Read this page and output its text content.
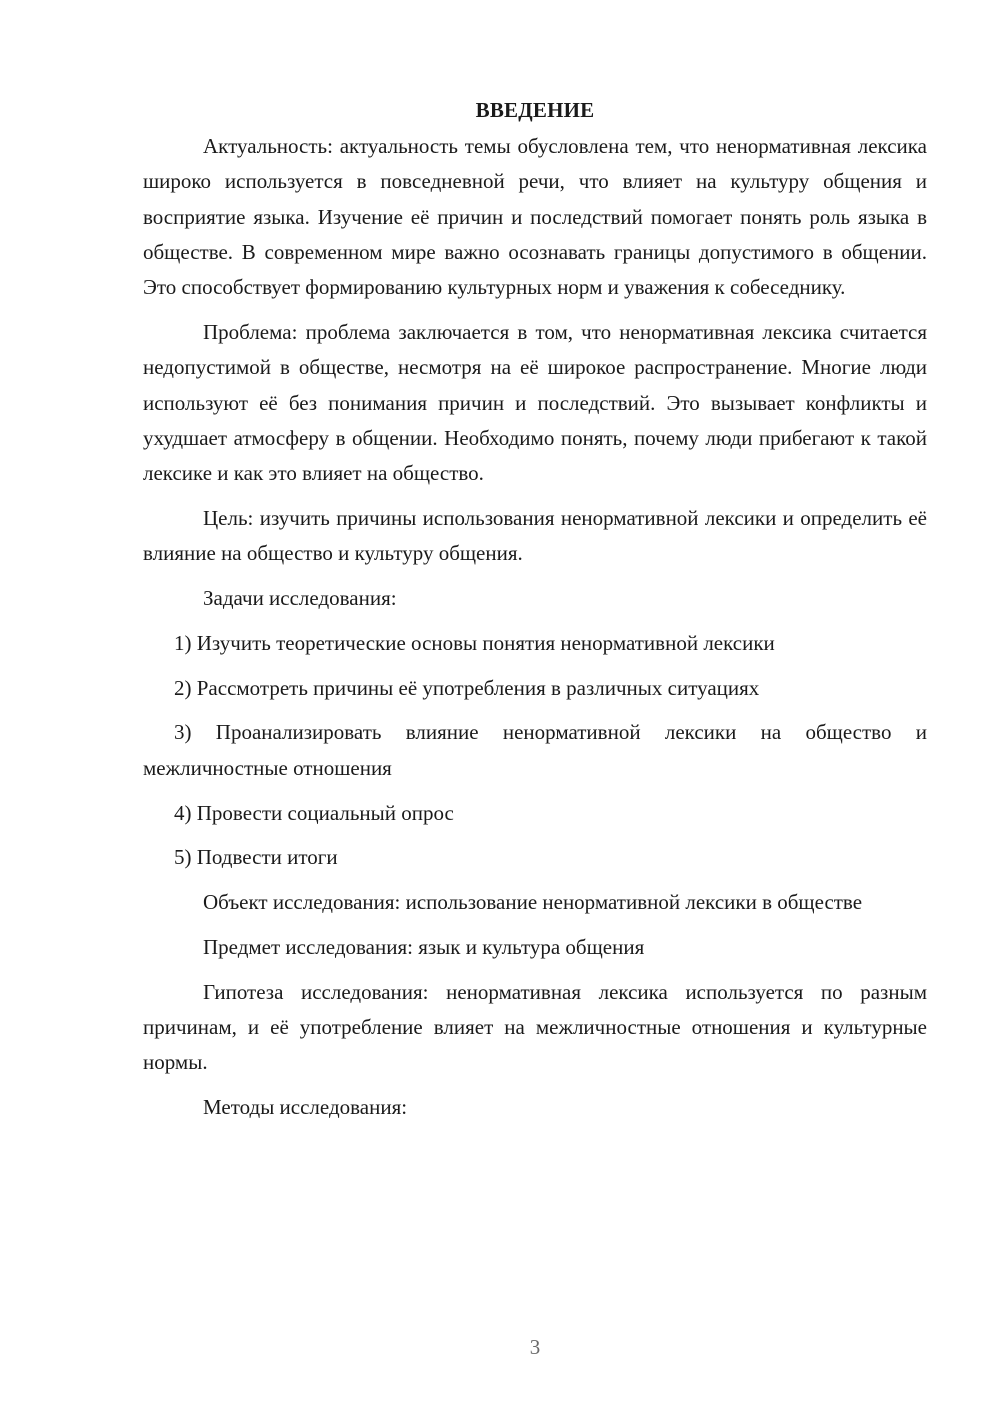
ВВЕДЕНИЕ

Актуальность: актуальность темы обусловлена тем, что ненормативная лексика широко используется в повседневной речи, что влияет на культуру общения и восприятие языка. Изучение её причин и последствий помогает понять роль языка в обществе. В современном мире важно осознавать границы допустимого в общении. Это способствует формированию культурных норм и уважения к собеседнику.

Проблема: проблема заключается в том, что ненормативная лексика считается недопустимой в обществе, несмотря на её широкое распространение. Многие люди используют её без понимания причин и последствий. Это вызывает конфликты и ухудшает атмосферу в общении. Необходимо понять, почему люди прибегают к такой лексике и как это влияет на общество.

Цель: изучить причины использования ненормативной лексики и определить её влияние на общество и культуру общения.

Задачи исследования:

1) Изучить теоретические основы понятия ненормативной лексики

2) Рассмотреть причины её употребления в различных ситуациях

3) Проанализировать влияние ненормативной лексики на общество и межличностные отношения

4) Провести социальный опрос

5) Подвести итоги

Объект исследования: использование ненормативной лексики в обществе

Предмет исследования: язык и культура общения

Гипотеза исследования: ненормативная лексика используется по разным причинам, и её употребление влияет на межличностные отношения и культурные нормы.

Методы исследования:

3
